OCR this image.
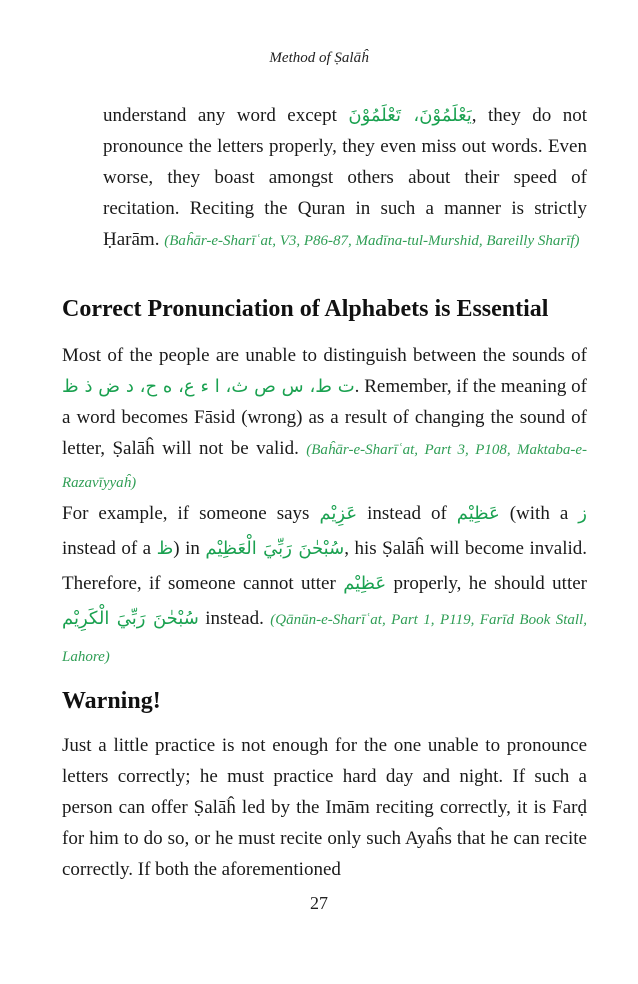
Method of Ṣalāĥ
understand any word except يَعْلَمُوْنَ، تَعْلَمُوْنَ, they do not pronounce the letters properly, they even miss out words. Even worse, they boast amongst others about their speed of recitation. Reciting the Quran in such a manner is strictly Ḥarām. (Baĥār-e-Sharīʿat, V3, P86-87, Madīna-tul-Murshid, Bareilly Sharīf)
Correct Pronunciation of Alphabets is Essential
Most of the people are unable to distinguish between the sounds of ت ط، س ص ث، ا ء ع، ه ح، د ض ذ ظ. Remember, if the meaning of a word becomes Fāsid (wrong) as a result of changing the sound of letter, Ṣalāĥ will not be valid. (Baĥār-e-Sharīʿat, Part 3, P108, Maktaba-e-Razavīyyaĥ)
For example, if someone says عَزِيْم instead of عَظِيْم (with a ز instead of a ظ) in سُبْحٰنَ رَبِّيَ الْعَظِيْم, his Ṣalāĥ will become invalid. Therefore, if someone cannot utter عَظِيْم properly, he should utter سُبْحٰنَ رَبِّيَ الْكَرِيْم instead. (Qānūn-e-Sharīʿat, Part 1, P119, Farīd Book Stall, Lahore)
Warning!
Just a little practice is not enough for the one unable to pronounce letters correctly; he must practice hard day and night. If such a person can offer Ṣalāĥ led by the Imām reciting correctly, it is Farḍ for him to do so, or he must recite only such Ayaĥs that he can recite correctly. If both the aforementioned
27
